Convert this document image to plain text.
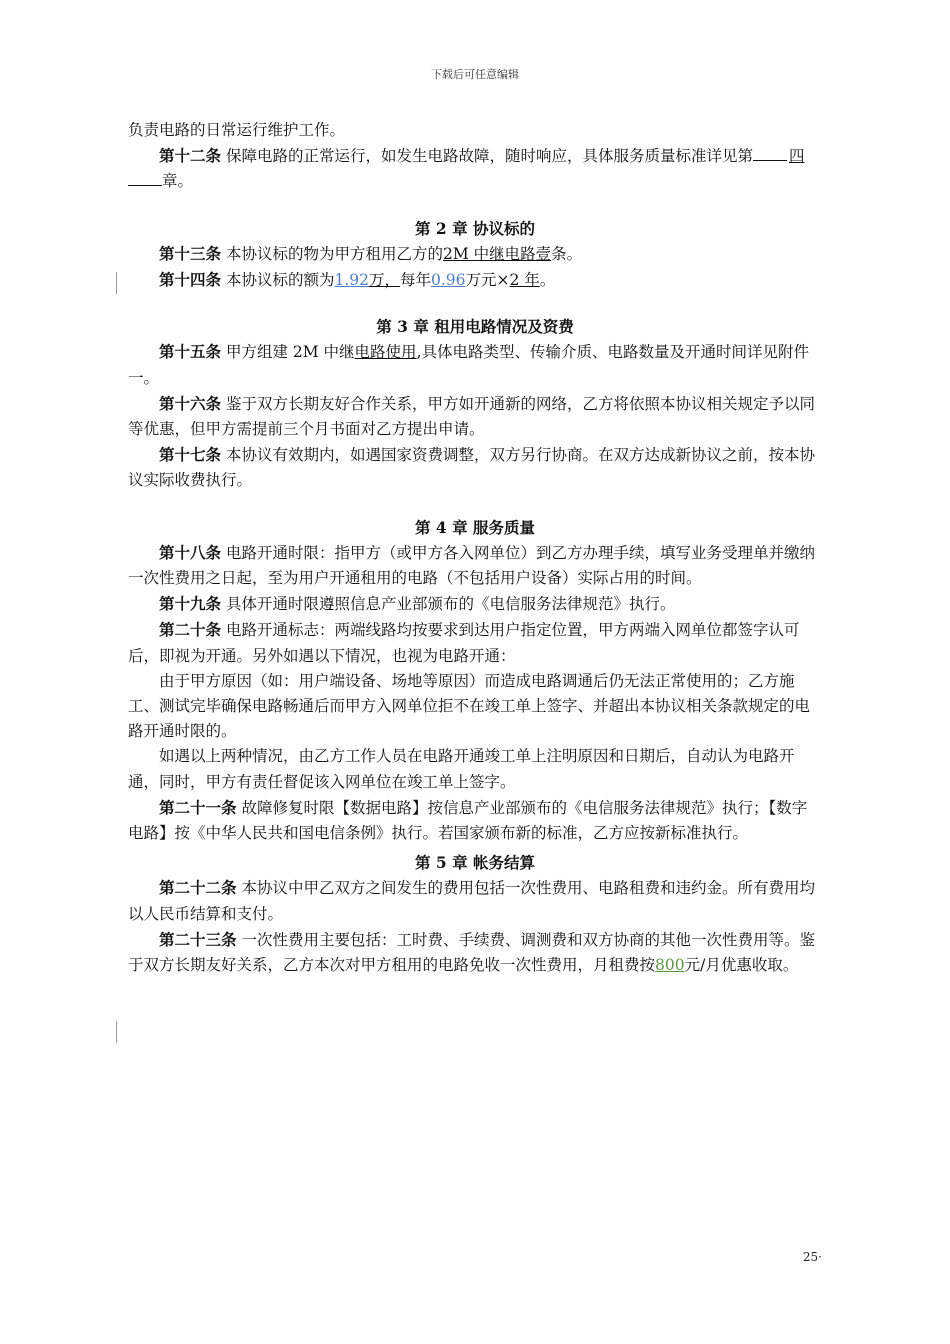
下载后可任意编辑

负责电路的日常运行维护工作。

第十二条 保障电路的正常运行，如发生电路故障，随时响应，具体服务质量标准详见第 四章。

第 2 章 协议标的

第十三条 本协议标的物为甲方租用乙方的2M 中继电路壹条。

第十四条 本协议标的额为1.92万，每年0.96万元×2 年。

第 3 章 租用电路情况及资费

第十五条 甲方组建 2M 中继电路使用,具体电路类型、传输介质、电路数量及开通时间详见附件一。

第十六条 鉴于双方长期友好合作关系，甲方如开通新的网络，乙方将依照本协议相关规定予以同等优惠，但甲方需提前三个月书面对乙方提出申请。

第十七条 本协议有效期内，如遇国家资费调整，双方另行协商。在双方达成新协议之前，按本协议实际收费执行。

第 4 章 服务质量

第十八条 电路开通时限：指甲方（或甲方各入网单位）到乙方办理手续，填写业务受理单并缴纳一次性费用之日起，至为用户开通租用的电路（不包括用户设备）实际占用的时间。

第十九条 具体开通时限遵照信息产业部颁布的《电信服务法律规范》执行。

第二十条 电路开通标志：两端线路均按要求到达用户指定位置，甲方两端入网单位都签字认可后，即视为开通。另外如遇以下情况，也视为电路开通：

由于甲方原因（如：用户端设备、场地等原因）而造成电路调通后仍无法正常使用的；乙方施工、测试完毕确保电路畅通后而甲方入网单位拒不在竣工单上签字、并超出本协议相关条款规定的电路开通时限的。

如遇以上两种情况，由乙方工作人员在电路开通竣工单上注明原因和日期后，自动认为电路开通，同时，甲方有责任督促该入网单位在竣工单上签字。

第二十一条 故障修复时限【数据电路】按信息产业部颁布的《电信服务法律规范》执行；【数字电路】按《中华人民共和国电信条例》执行。若国家颁布新的标准，乙方应按新标准执行。

第 5 章 帐务结算

第二十二条 本协议中甲乙双方之间发生的费用包括一次性费用、电路租费和违约金。所有费用均以人民币结算和支付。

第二十三条 一次性费用主要包括：工时费、手续费、调测费和双方协商的其他一次性费用等。鉴于双方长期友好关系，乙方本次对甲方租用的电路免收一次性费用，月租费按800元/月优惠收取。

25·
